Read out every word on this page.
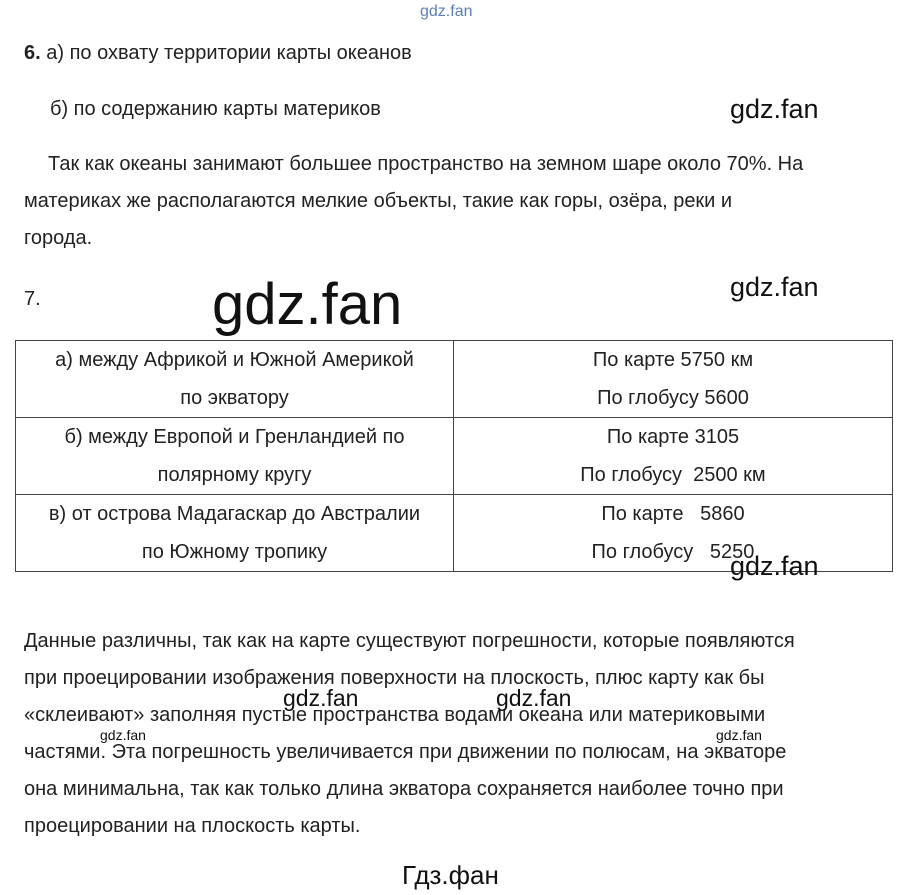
gdz.fan
6. а) по охвату территории карты океанов
б) по содержанию карты материков	gdz.fan
Так как океаны занимают большее пространство на земном шаре около 70%. На
материках же располагаются мелкие объекты, такие как горы, озёра, реки и
города.
7.	gdz.fan	gdz.fan
а) между Африкой и Южной Америкой
по экватору	По карте 5750 км
По глобусу 5600

б) между Европой и Гренландией по
полярному кругу	По карте 3105
По глобусу  2500 км

в) от острова Мадагаскар до Австралии
по Южному тропику	По карте   5860
По глобусу   5250
gdz.fan
Данные различны, так как на карте существуют погрешности, которые появляются
при проецировании изображения поверхности на плоскость, плюс карту как бы
«склеивают» заполняя пустые пространства водами океана или материковыми
частями. Эта погрешность увеличивается при движении по полюсам, на экваторе
она минимальна, так как только длина экватора сохраняется наиболее точно при
проецировании на плоскость карты.
gdz.fan	gdz.fan
gdz.fan	gdz.fan
Гдз.фан
